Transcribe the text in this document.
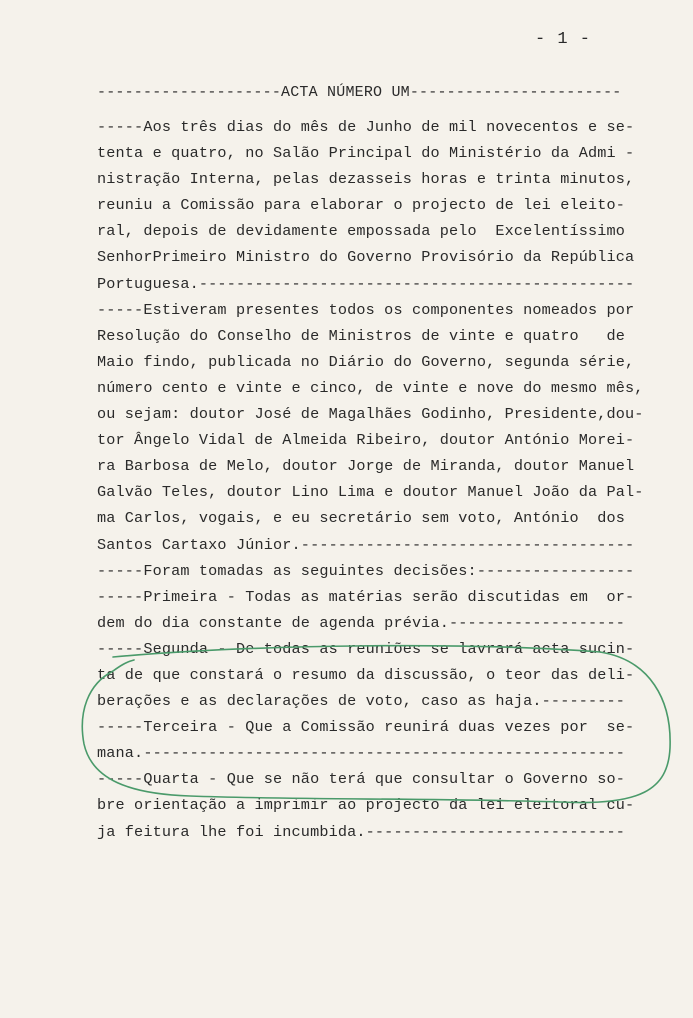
- 1 -
--------------------ACTA NÚMERO UM-----------------------
-----Aos três dias do mês de Junho de mil novecentos e se-
tenta e quatro, no Salão Principal do Ministério da Admi -
nistração Interna, pelas dezasseis horas e trinta minutos,
reuniu a Comissão para elaborar o projecto de lei eleito-
ral, depois de devidamente empossada pelo  Excelentíssimo
SenhorPrimeiro Ministro do Governo Provisório da República
Portuguesa.-----------------------------------------------
-----Estiveram presentes todos os componentes nomeados por
Resolução do Conselho de Ministros de vinte e quatro   de
Maio findo, publicada no Diário do Governo, segunda série,
número cento e vinte e cinco, de vinte e nove do mesmo mês,
ou sejam: doutor José de Magalhães Godinho, Presidente,dou-
tor Ângelo Vidal de Almeida Ribeiro, doutor António Morei-
ra Barbosa de Melo, doutor Jorge de Miranda, doutor Manuel
Galvão Teles, doutor Lino Lima e doutor Manuel João da Pal-
ma Carlos, vogais, e eu secretário sem voto, António  dos
Santos Cartaxo Júnior.------------------------------------
-----Foram tomadas as seguintes decisões:-----------------
-----Primeira - Todas as matérias serão discutidas em  or-
dem do dia constante de agenda prévia.-------------------
-----Segunda - De todas as reuniões se lavrará acta sucin-
ta de que constará o resumo da discussão, o teor das deli-
berações e as declarações de voto, caso as haja.---------
-----Terceira - Que a Comissão reunirá duas vezes por  se-
mana.----------------------------------------------------
-----Quarta - Que se não terá que consultar o Governo so-
bre orientação a imprimir ao projecto da lei eleitoral cu-
ja feitura lhe foi incumbida.----------------------------
